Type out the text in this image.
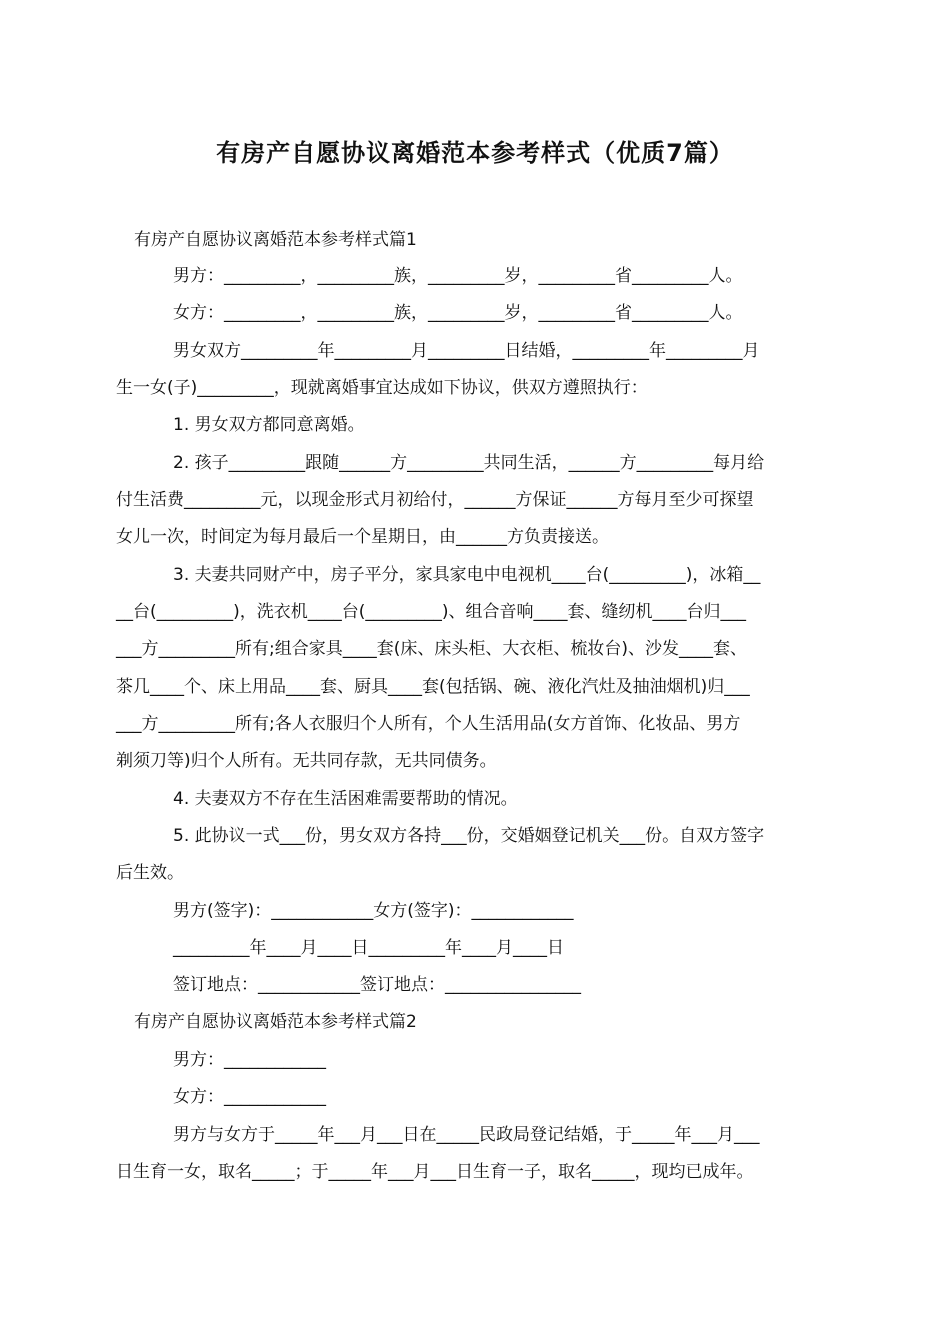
有房产自愿协议离婚范本参考样式（优质7篇）
有房产自愿协议离婚范本参考样式篇1
男方：_________，_________族，_________岁，_________省_________人。
女方：_________，_________族，_________岁，_________省_________人。
男女双方_________年_________月_________日结婚，_________年_________月
生一女(子)_________，现就离婚事宜达成如下协议，供双方遵照执行：
1. 男女双方都同意离婚。
2. 孩子_________跟随______方_________共同生活，______方_________每月给
付生活费_________元，以现金形式月初给付，______方保证______方每月至少可探望
女儿一次，时间定为每月最后一个星期日，由______方负责接送。
3. 夫妻共同财产中，房子平分，家具家电中电视机____台(_________)，冰箱__
__台(_________)，洗衣机____台(_________)、组合音响____套、缝纫机____台归___
___方_________所有;组合家具____套(床、床头柜、大衣柜、梳妆台)、沙发____套、
茶几____个、床上用品____套、厨具____套(包括锅、碗、液化汽灶及抽油烟机)归___
___方_________所有;各人衣服归个人所有，个人生活用品(女方首饰、化妆品、男方
剃须刀等)归个人所有。无共同存款，无共同债务。
4. 夫妻双方不存在生活困难需要帮助的情况。
5. 此协议一式___份，男女双方各持___份，交婚姻登记机关___份。自双方签字
后生效。
男方(签字)：____________女方(签字)：____________
_________年____月____日_________年____月____日
签订地点：____________签订地点：________________
有房产自愿协议离婚范本参考样式篇2
男方：____________
女方：____________
男方与女方于_____年___月___日在_____民政局登记结婚，于_____年___月___
日生育一女，取名_____；于_____年___月___日生育一子，取名_____，现均已成年。
